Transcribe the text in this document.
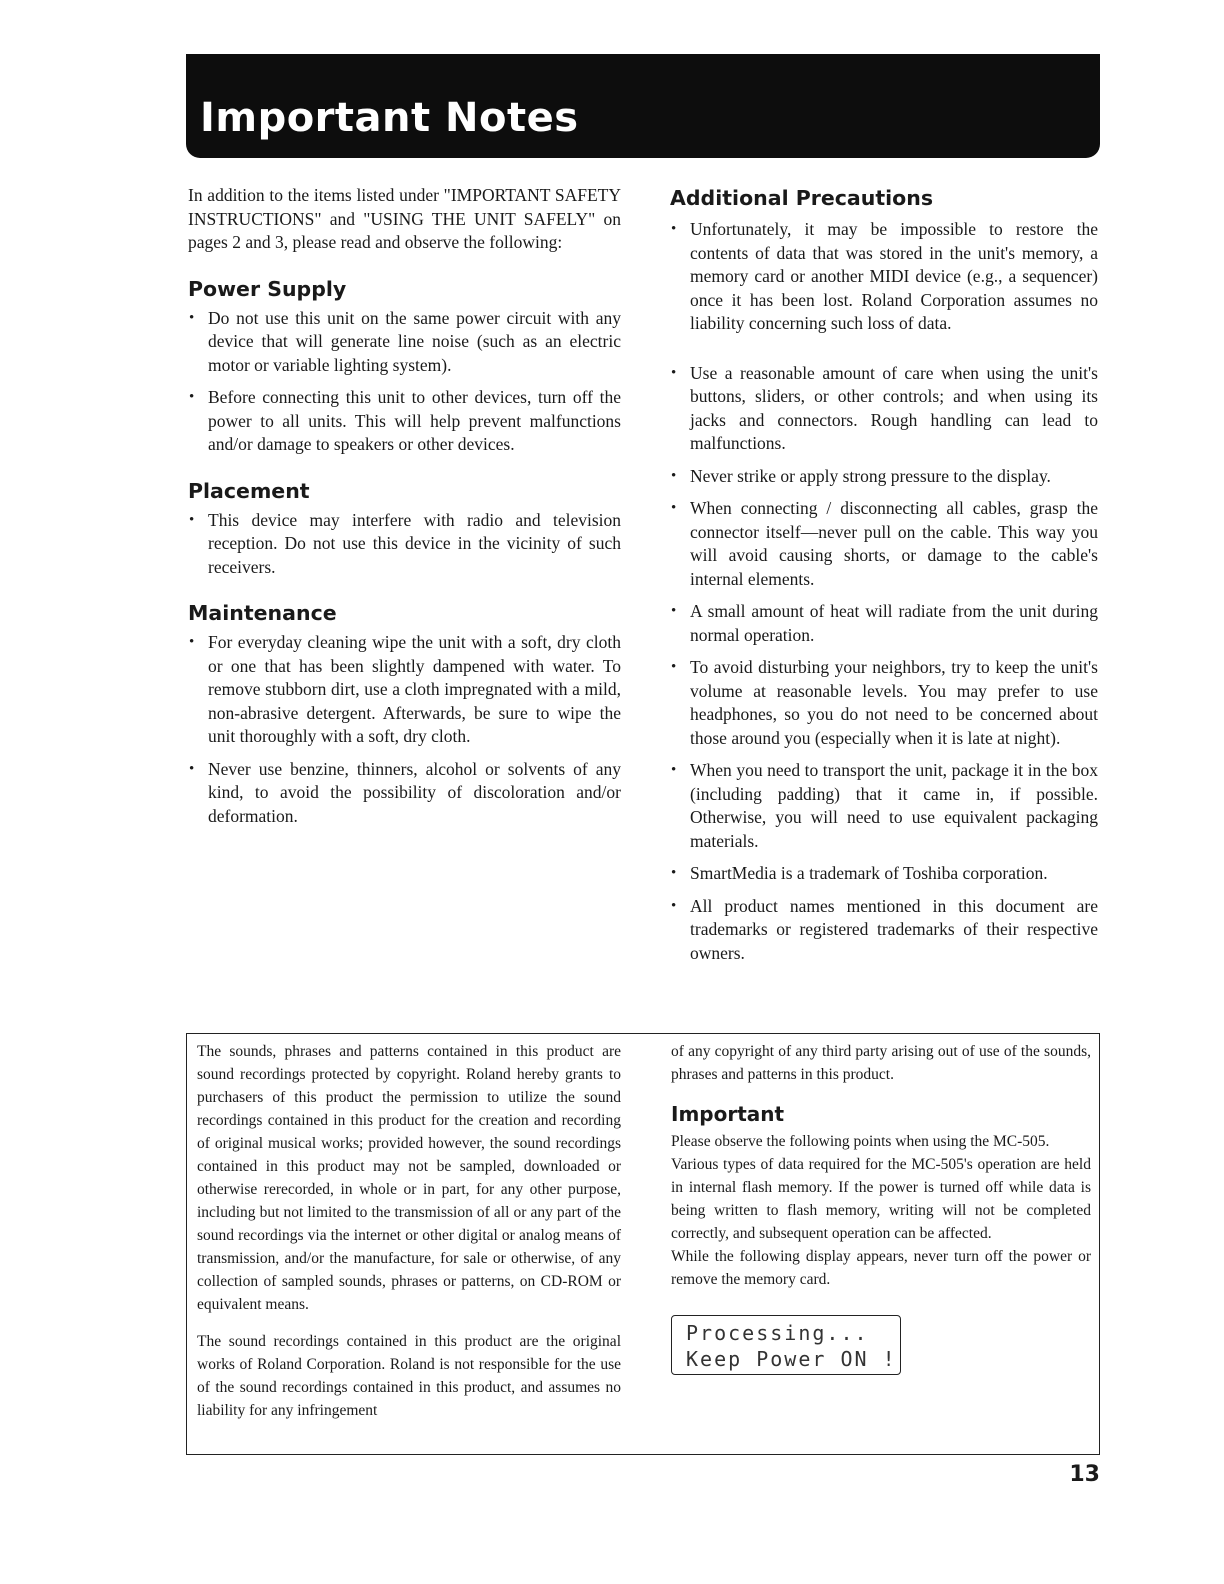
Important Notes

In addition to the items listed under "IMPORTANT SAFETY INSTRUCTIONS" and "USING THE UNIT SAFELY" on pages 2 and 3, please read and observe the following:

Power Supply
• Do not use this unit on the same power circuit with any device that will generate line noise (such as an electric motor or variable lighting system).
• Before connecting this unit to other devices, turn off the power to all units. This will help prevent malfunctions and/or damage to speakers or other devices.
Placement
• This device may interfere with radio and television reception. Do not use this device in the vicinity of such receivers.
Maintenance
• For everyday cleaning wipe the unit with a soft, dry cloth or one that has been slightly dampened with water. To remove stubborn dirt, use a cloth impregnated with a mild, non-abrasive detergent. Afterwards, be sure to wipe the unit thoroughly with a soft, dry cloth.
• Never use benzine, thinners, alcohol or solvents of any kind, to avoid the possibility of discoloration and/or deformation.
Additional Precautions
• Unfortunately, it may be impossible to restore the contents of data that was stored in the unit's memory, a memory card or another MIDI device (e.g., a sequencer) once it has been lost. Roland Corporation assumes no liability concerning such loss of data.
• Use a reasonable amount of care when using the unit's buttons, sliders, or other controls; and when using its jacks and connectors. Rough handling can lead to malfunctions.
• Never strike or apply strong pressure to the display.
• When connecting / disconnecting all cables, grasp the connector itself—never pull on the cable. This way you will avoid causing shorts, or damage to the cable's internal elements.
• A small amount of heat will radiate from the unit during normal operation.
• To avoid disturbing your neighbors, try to keep the unit's volume at reasonable levels. You may prefer to use headphones, so you do not need to be concerned about those around you (especially when it is late at night).
• When you need to transport the unit, package it in the box (including padding) that it came in, if possible. Otherwise, you will need to use equivalent packaging materials.
• SmartMedia is a trademark of Toshiba corporation.
• All product names mentioned in this document are trademarks or registered trademarks of their respective owners.

The sounds, phrases and patterns contained in this product are sound recordings protected by copyright. Roland hereby grants to purchasers of this product the permission to utilize the sound recordings contained in this product for the creation and recording of original musical works; provided however, the sound recordings contained in this product may not be sampled, downloaded or otherwise rerecorded, in whole or in part, for any other purpose, including but not limited to the transmission of all or any part of the sound recordings via the internet or other digital or analog means of transmission, and/or the manufacture, for sale or otherwise, of any collection of sampled sounds, phrases or patterns, on CD-ROM or equivalent means.

The sound recordings contained in this product are the original works of Roland Corporation. Roland is not responsible for the use of the sound recordings contained in this product, and assumes no liability for any infringement

of any copyright of any third party arising out of use of the sounds, phrases and patterns in this product.

Important

Please observe the following points when using the MC-505.

Various types of data required for the MC-505's operation are held in internal flash memory. If the power is turned off while data is being written to flash memory, writing will not be completed correctly, and subsequent operation can be affected.

While the following display appears, never turn off the power or remove the memory card.

Processing...
Keep Power ON !
13
